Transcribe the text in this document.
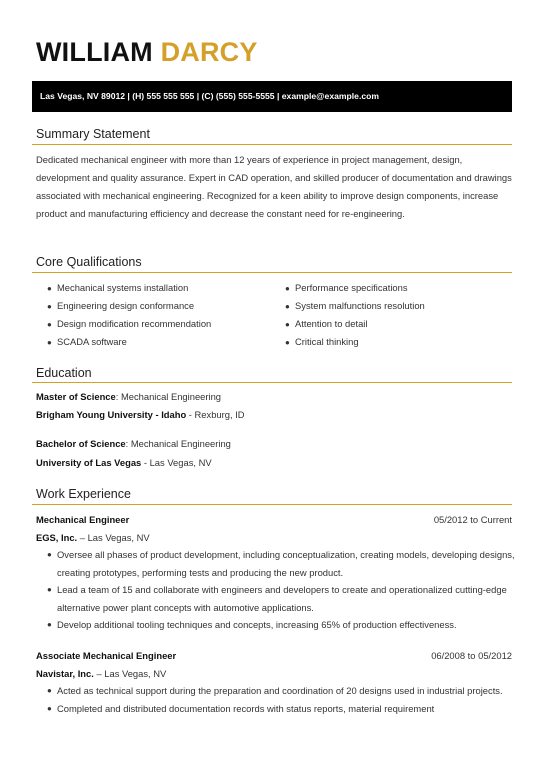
WILLIAM DARCY
Las Vegas, NV 89012 | (H) 555 555 555 | (C) (555) 555-5555 | example@example.com
Summary Statement
Dedicated mechanical engineer with more than 12 years of experience in project management, design, development and quality assurance. Expert in CAD operation, and skilled producer of documentation and drawings associated with mechanical engineering. Recognized for a keen ability to improve design components, increase product and manufacturing efficiency and decrease the constant need for re-engineering.
Core Qualifications
● Mechanical systems installation
● Engineering design conformance
● Design modification recommendation
● SCADA software
● Performance specifications
● System malfunctions resolution
● Attention to detail
● Critical thinking
Education
Master of Science: Mechanical Engineering
Brigham Young University - Idaho - Rexburg, ID
Bachelor of Science: Mechanical Engineering
University of Las Vegas - Las Vegas, NV
Work Experience
Mechanical Engineer	05/2012 to Current
EGS, Inc. – Las Vegas, NV
● Oversee all phases of product development, including conceptualization, creating models, developing designs, creating prototypes, performing tests and producing the new product.
● Lead a team of 15 and collaborate with engineers and developers to create and operationalized cutting-edge alternative power plant concepts with automotive applications.
● Develop additional tooling techniques and concepts, increasing 65% of production effectiveness.
Associate Mechanical Engineer	06/2008 to 05/2012
Navistar, Inc. – Las Vegas, NV
● Acted as technical support during the preparation and coordination of 20 designs used in industrial projects.
● Completed and distributed documentation records with status reports, material requirement
